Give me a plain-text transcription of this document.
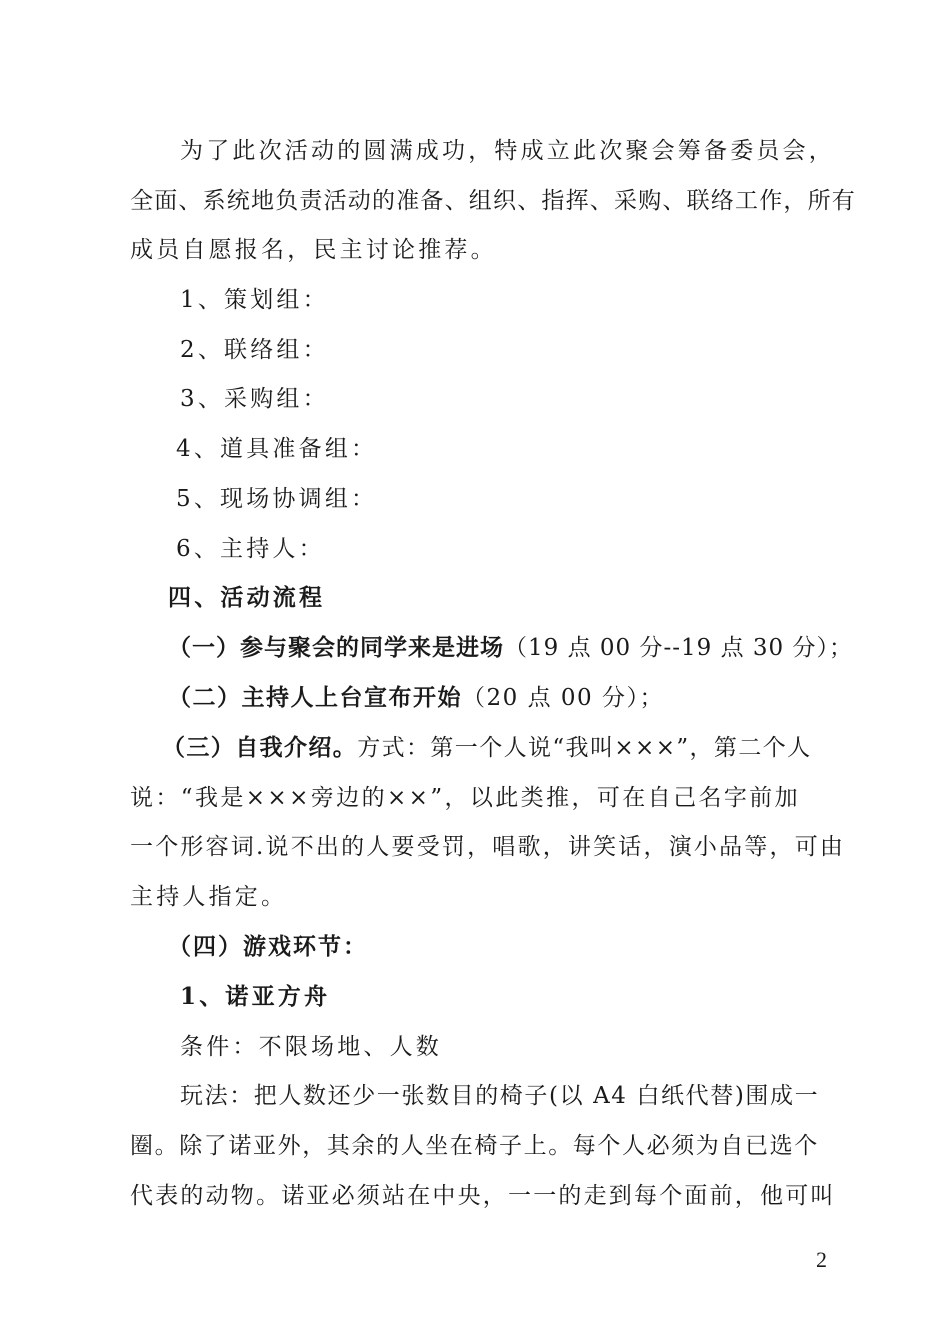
为了此次活动的圆满成功，特成立此次聚会筹备委员会，
全面、系统地负责活动的准备、组织、指挥、采购、联络工作，所有
成员自愿报名，民主讨论推荐。
1、策划组：
2、联络组：
3、采购组：
4、道具准备组：
5、现场协调组：
6、主持人：
四、活动流程
（一）参与聚会的同学来是进场（19 点 00 分--19 点 30 分）；
（二）主持人上台宣布开始（20 点 00 分）；
（三）自我介绍。方式：第一个人说“我叫×××”，第二个人
说：“我是×××旁边的××”，以此类推，可在自己名字前加
一个形容词.说不出的人要受罚，唱歌，讲笑话，演小品等，可由
主持人指定。
（四）游戏环节：
1、诺亚方舟
条件：不限场地、人数
玩法：把人数还少一张数目的椅子(以 A4 白纸代替)围成一
圈。除了诺亚外，其余的人坐在椅子上。每个人必须为自已选个
代表的动物。诺亚必须站在中央，一一的走到每个面前，他可叫
2
